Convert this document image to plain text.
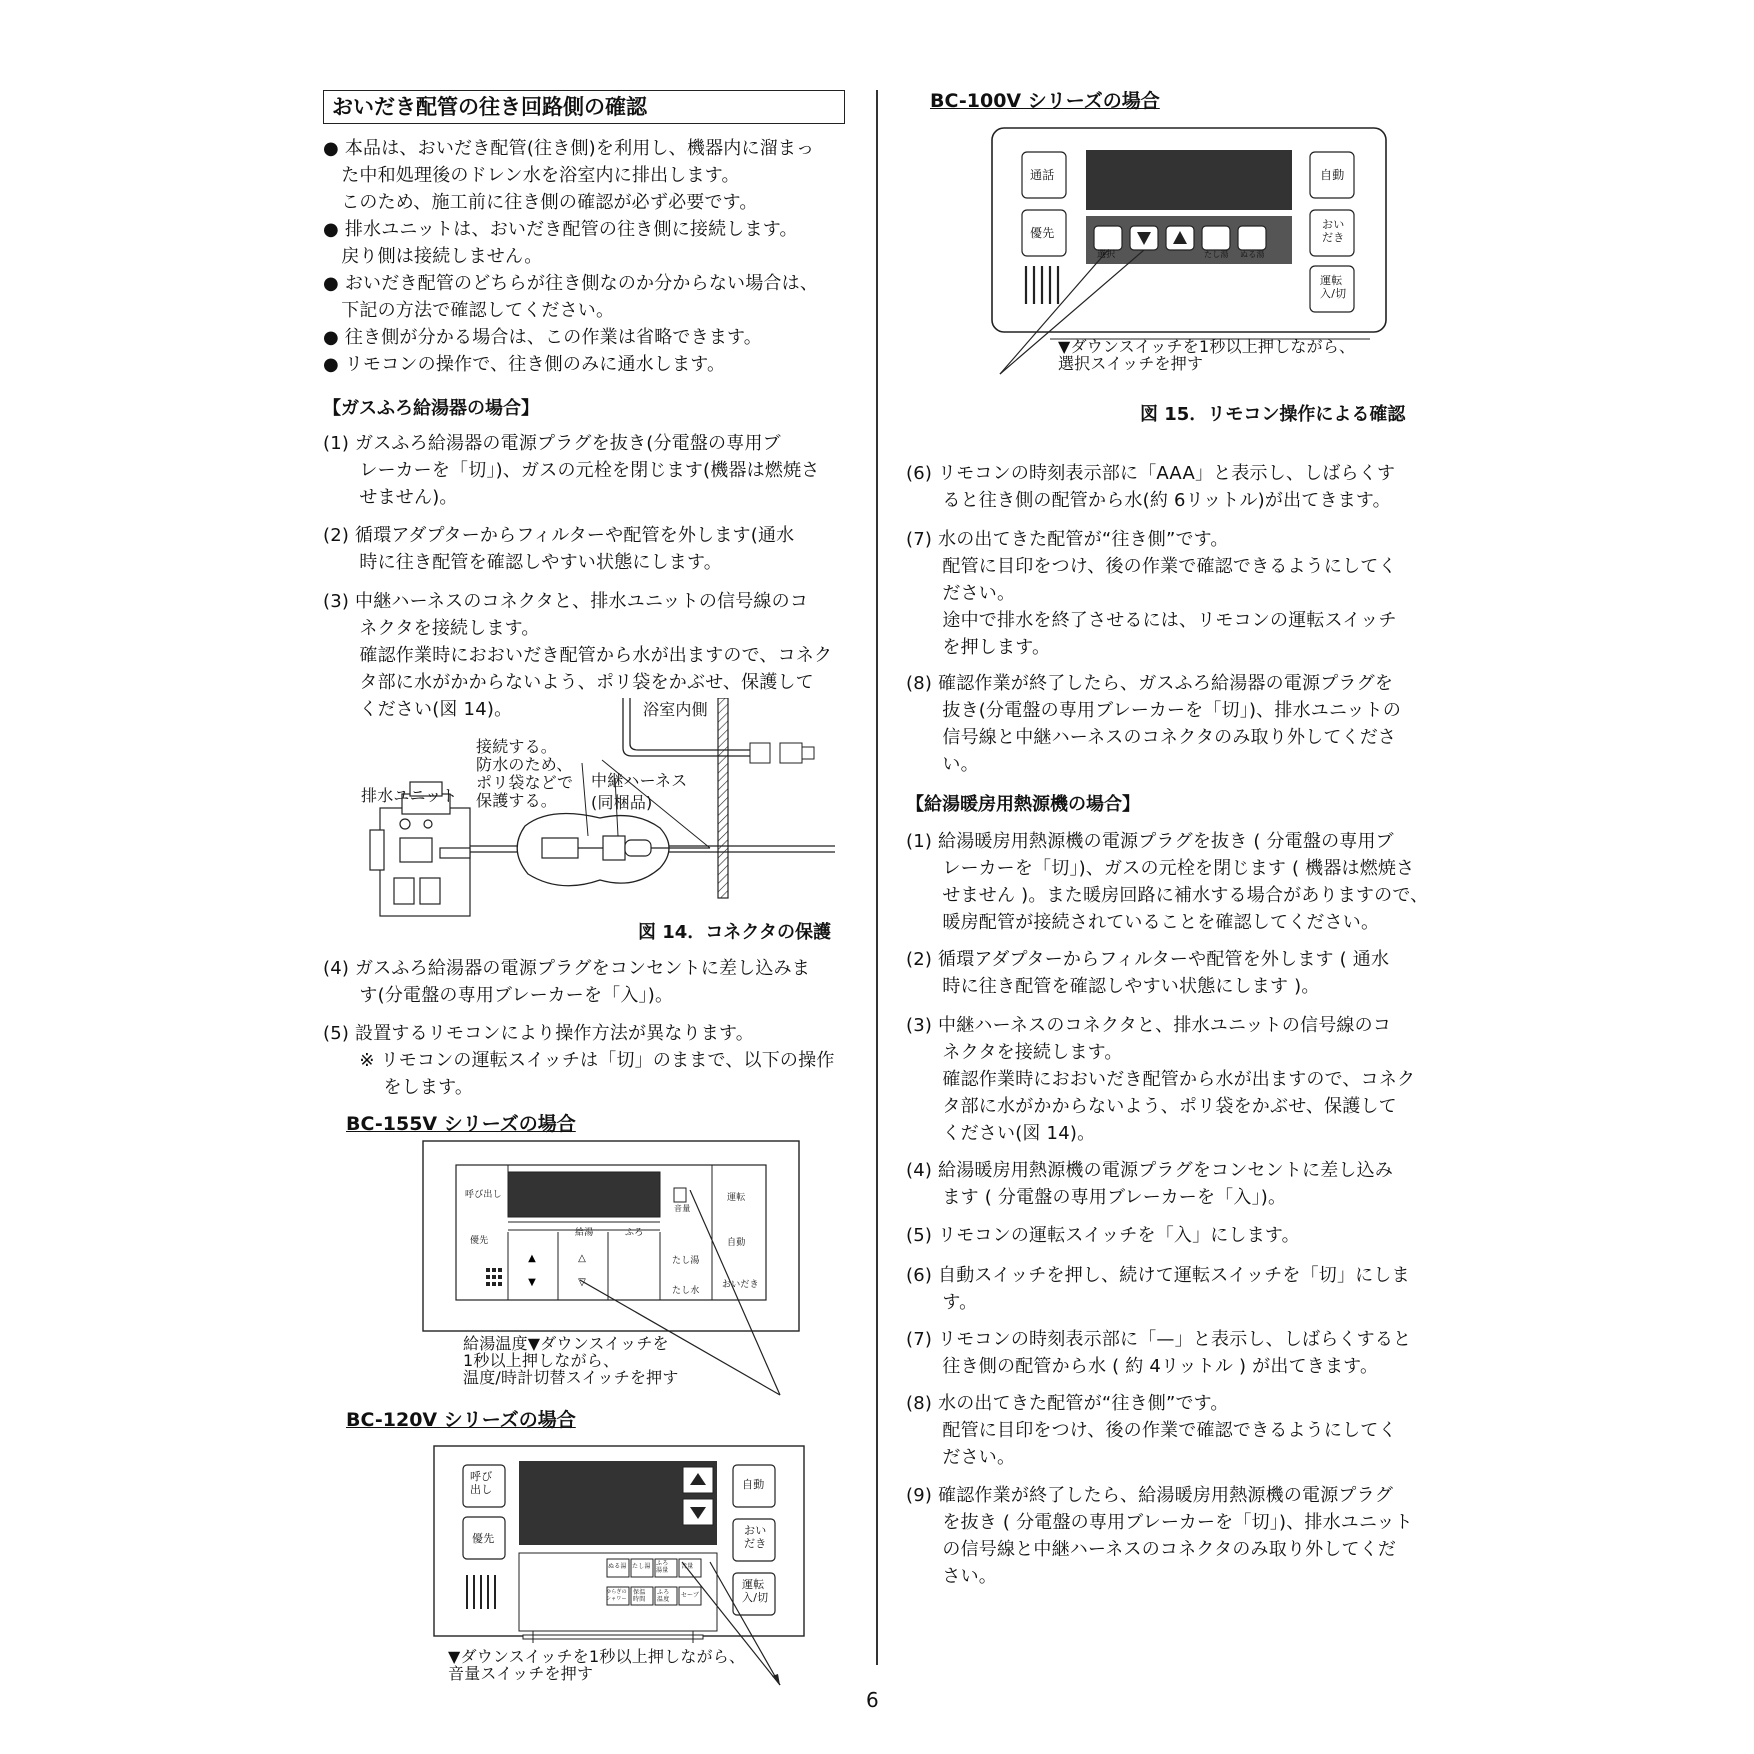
おいだき配管の往き回路側の確認
● 本品は、おいだき配管(往き側)を利用し、機器内に溜まっ
　た中和処理後のドレン水を浴室内に排出します。
　このため、施工前に往き側の確認が必ず必要です。
● 排水ユニットは、おいだき配管の往き側に接続します。
　戻り側は接続しません。
● おいだき配管のどちらが往き側なのか分からない場合は、
　下記の方法で確認してください。
● 往き側が分かる場合は、この作業は省略できます。
● リモコンの操作で、往き側のみに通水します。
【ガスふろ給湯器の場合】
(1) ガスふろ給湯器の電源プラグを抜き(分電盤の専用ブ
　　レーカーを「切」)、ガスの元栓を閉じます(機器は燃焼さ
　　せません)。
(2) 循環アダプターからフィルターや配管を外します(通水
　　時に往き配管を確認しやすい状態にします。
(3) 中継ハーネスのコネクタと、排水ユニットの信号線のコ
　　ネクタを接続します。
　　確認作業時におおいだき配管から水が出ますので、コネク
　　タ部に水がかからないよう、ポリ袋をかぶせ、保護して
　　ください(図 14)。	浴室内側
接続する。
防水のため、
ポリ袋などで
保護する。
中継ハーネス
(同梱品)
排水ユニット
図 14．コネクタの保護
(4) ガスふろ給湯器の電源プラグをコンセントに差し込みま
　　す(分電盤の専用ブレーカーを「入」)。
(5) 設置するリモコンにより操作方法が異なります。
　　※ リモコンの運転スイッチは「切」のままで、以下の操作
　　　 をします。
BC-155V シリーズの場合
▲
▼
△
▽
呼び出し
優先
給湯	ふろ
音量
運転
自動
たし湯
たし水
おいだき
給湯温度▼ダウンスイッチを
1秒以上押しながら、
温度/時計切替スイッチを押す
BC-120V シリーズの場合
呼び
出し
優先
自動
おい
だき
運転
入/切
ぬる湯 たし湯 ふろ
湯量
音量
ゆらぎの
シャワー
保温
時間
ふろ
温度
セーブ
▼ダウンスイッチを1秒以上押しながら、
音量スイッチを押す
BC-100V シリーズの場合
通話
優先
自動
おい
だき
運転
入/切
選択	たし湯 ぬる湯
▼ダウンスイッチを1秒以上押しながら、
選択スイッチを押す
図 15．リモコン操作による確認
(6) リモコンの時刻表示部に「AAA」と表示し、しばらくす
　　ると往き側の配管から水(約 6リットル)が出てきます。
(7) 水の出てきた配管が“往き側”です。
　　配管に目印をつけ、後の作業で確認できるようにしてく
　　ださい。
　　途中で排水を終了させるには、リモコンの運転スイッチ
　　を押します。
(8) 確認作業が終了したら、ガスふろ給湯器の電源プラグを
　　抜き(分電盤の専用ブレーカーを「切」)、排水ユニットの
　　信号線と中継ハーネスのコネクタのみ取り外してくださ
　　い。
【給湯暖房用熱源機の場合】
(1) 給湯暖房用熱源機の電源プラグを抜き ( 分電盤の専用ブ
　　レーカーを「切」)、ガスの元栓を閉じます ( 機器は燃焼さ
　　せません )。また暖房回路に補水する場合がありますので、
　　暖房配管が接続されていることを確認してください。
(2) 循環アダプターからフィルターや配管を外します ( 通水
　　時に往き配管を確認しやすい状態にします )。
(3) 中継ハーネスのコネクタと、排水ユニットの信号線のコ
　　ネクタを接続します。
　　確認作業時におおいだき配管から水が出ますので、コネク
　　タ部に水がかからないよう、ポリ袋をかぶせ、保護して
　　ください(図 14)。
(4) 給湯暖房用熱源機の電源プラグをコンセントに差し込み
　　ます ( 分電盤の専用ブレーカーを「入」)。
(5) リモコンの運転スイッチを「入」にします。
(6) 自動スイッチを押し、続けて運転スイッチを「切」にしま
　　す。
(7) リモコンの時刻表示部に「—」と表示し、しばらくすると
　　往き側の配管から水 ( 約 4リットル ) が出てきます。
(8) 水の出てきた配管が“往き側”です。
　　配管に目印をつけ、後の作業で確認できるようにしてく
　　ださい。
(9) 確認作業が終了したら、給湯暖房用熱源機の電源プラグ
　　を抜き ( 分電盤の専用ブレーカーを「切」)、排水ユニット
　　の信号線と中継ハーネスのコネクタのみ取り外してくだ
　　さい。
6
